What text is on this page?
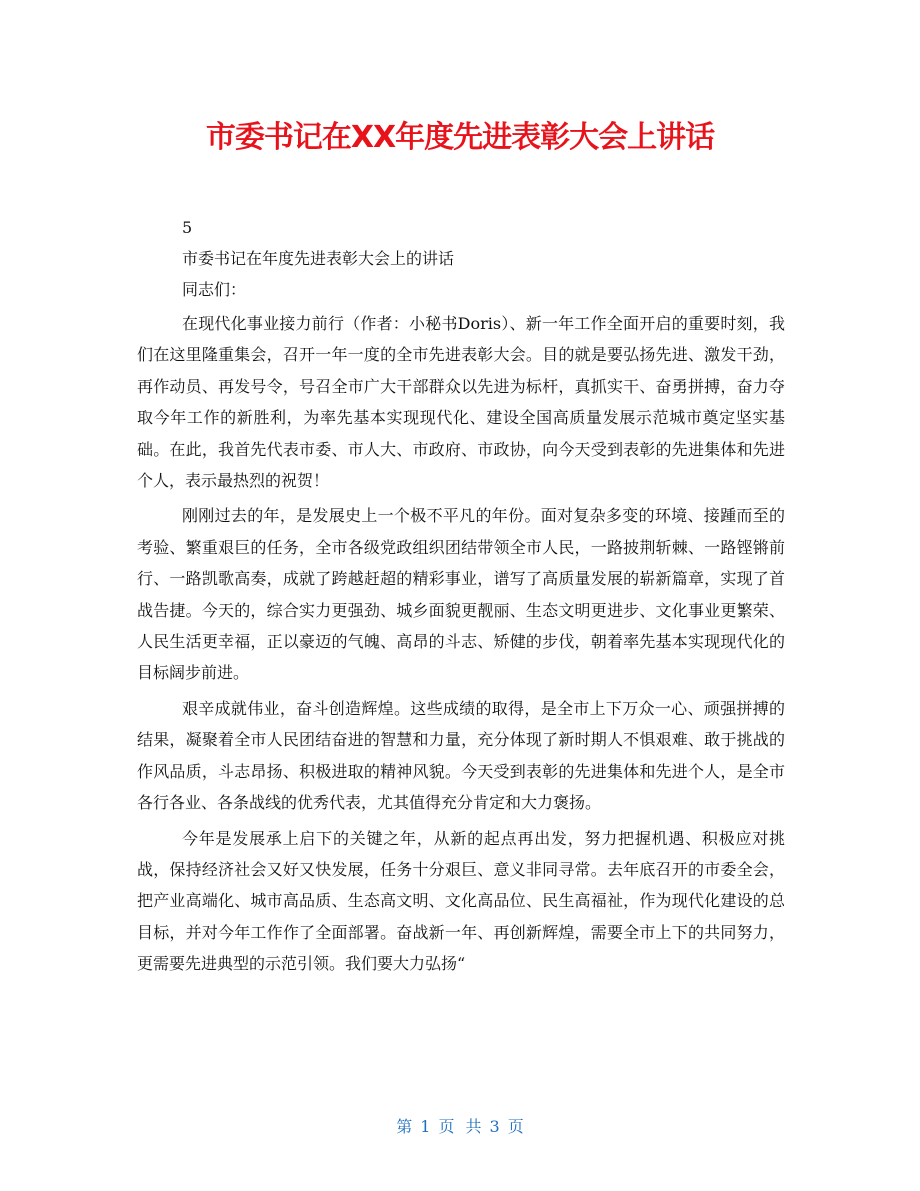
市委书记在XX年度先进表彰大会上讲话

5

市委书记在年度先进表彰大会上的讲话

同志们：

在现代化事业接力前行（作者：小秘书Doris）、新一年工作全面开启的重要时刻，我们在这里隆重集会，召开一年一度的全市先进表彰大会。目的就是要弘扬先进、激发干劲，再作动员、再发号令，号召全市广大干部群众以先进为标杆，真抓实干、奋勇拼搏，奋力夺取今年工作的新胜利，为率先基本实现现代化、建设全国高质量发展示范城市奠定坚实基础。在此，我首先代表市委、市人大、市政府、市政协，向今天受到表彰的先进集体和先进个人，表示最热烈的祝贺！

刚刚过去的年，是发展史上一个极不平凡的年份。面对复杂多变的环境、接踵而至的考验、繁重艰巨的任务，全市各级党政组织团结带领全市人民，一路披荆斩棘、一路铿锵前行、一路凯歌高奏，成就了跨越赶超的精彩事业，谱写了高质量发展的崭新篇章，实现了首战告捷。今天的，综合实力更强劲、城乡面貌更靓丽、生态文明更进步、文化事业更繁荣、人民生活更幸福，正以豪迈的气魄、高昂的斗志、矫健的步伐，朝着率先基本实现现代化的目标阔步前进。

艰辛成就伟业，奋斗创造辉煌。这些成绩的取得，是全市上下万众一心、顽强拼搏的结果，凝聚着全市人民团结奋进的智慧和力量，充分体现了新时期人不惧艰难、敢于挑战的作风品质，斗志昂扬、积极进取的精神风貌。今天受到表彰的先进集体和先进个人，是全市各行各业、各条战线的优秀代表，尤其值得充分肯定和大力褒扬。

今年是发展承上启下的关键之年，从新的起点再出发，努力把握机遇、积极应对挑战，保持经济社会又好又快发展，任务十分艰巨、意义非同寻常。去年底召开的市委全会，把产业高端化、城市高品质、生态高文明、文化高品位、民生高福祉，作为现代化建设的总目标，并对今年工作作了全面部署。奋战新一年、再创新辉煌，需要全市上下的共同努力，更需要先进典型的示范引领。我们要大力弘扬“

第 1 页 共 3 页
